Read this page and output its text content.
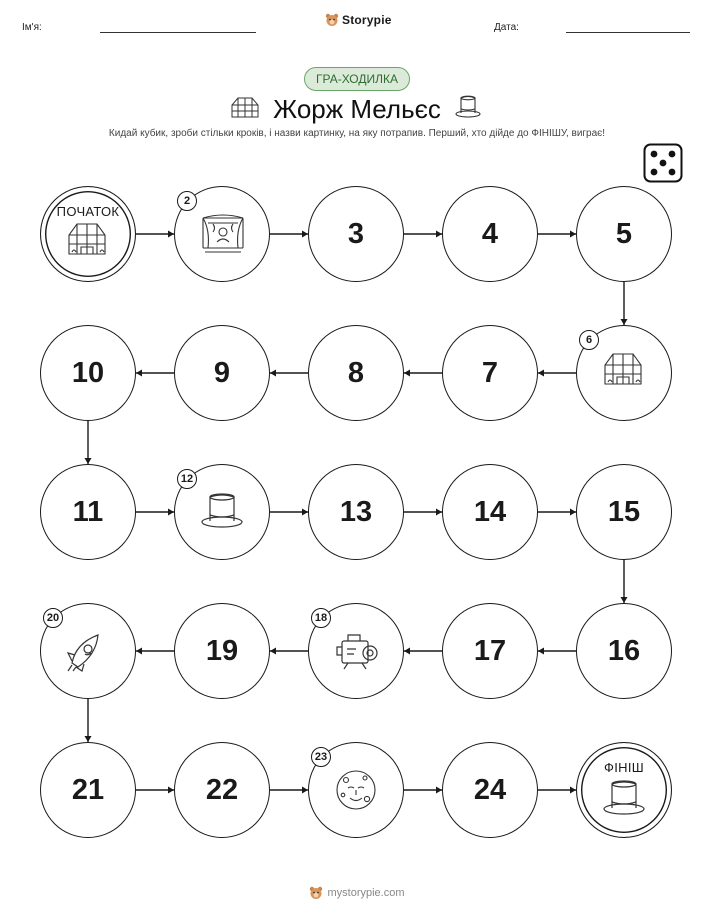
Ім'я:
Storypie
Дата:
ГРА-ХОДИЛКА
Жорж Мельєс
Кидай кубик, зроби стільки кроків, і назви картинку, на яку потрапив. Перший, хто дійде до ФІНІШУ, виграє!
ПОЧАТОК
2
3	4	5
6
7
8
9
10
11
12
13	14	15
16
17
18
19
20
21	22
23
24
ФІНІШ
mystorypie.com
